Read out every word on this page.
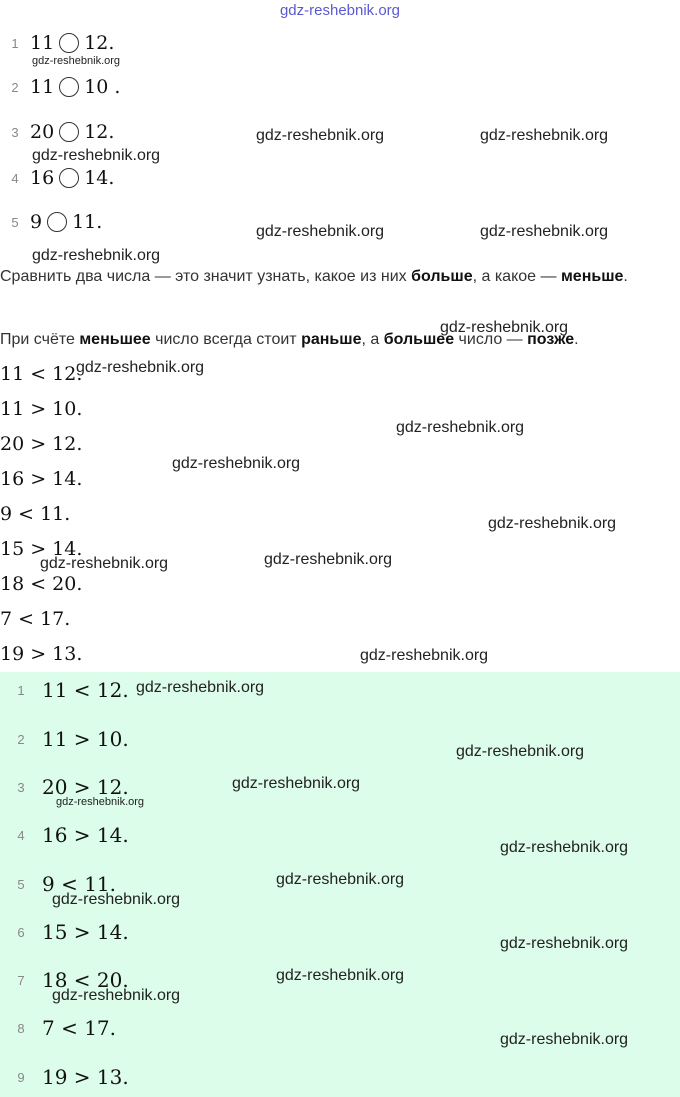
gdz-reshebnik.org
1 11 12.
2 11 10 .
3 20 12.
4 16 14.
5 9 11.
Сравнить два числа — это значит узнать, какое из них больше, а какое — меньше.
При счёте меньшее число всегда стоит раньше, а большее число — позже.
11 < 12.
11 > 10.
20 > 12.
16 > 14.
9 < 11.
15 > 14.
18 < 20.
7 < 17.
19 > 13.
1 11 < 12.
2 11 > 10.
3 20 > 12.
4 16 > 14.
5 9 < 11.
6 15 > 14.
7 18 < 20.
8 7 < 17.
9 19 > 13.
gdz-reshebnik.org
gdz-reshebnik.org	gdz-reshebnik.org
gdz-reshebnik.org
gdz-reshebnik.org	gdz-reshebnik.org
gdz-reshebnik.org
gdz-reshebnik.org
gdz-reshebnik.org
gdz-reshebnik.org
gdz-reshebnik.org
gdz-reshebnik.org
gdz-reshebnik.org
gdz-reshebnik.org
gdz-reshebnik.org
gdz-reshebnik.org
gdz-reshebnik.org
gdz-reshebnik.org
gdz-reshebnik.org
gdz-reshebnik.org
gdz-reshebnik.org
gdz-reshebnik.org
gdz-reshebnik.org
gdz-reshebnik.org
gdz-reshebnik.org
gdz-reshebnik.org
